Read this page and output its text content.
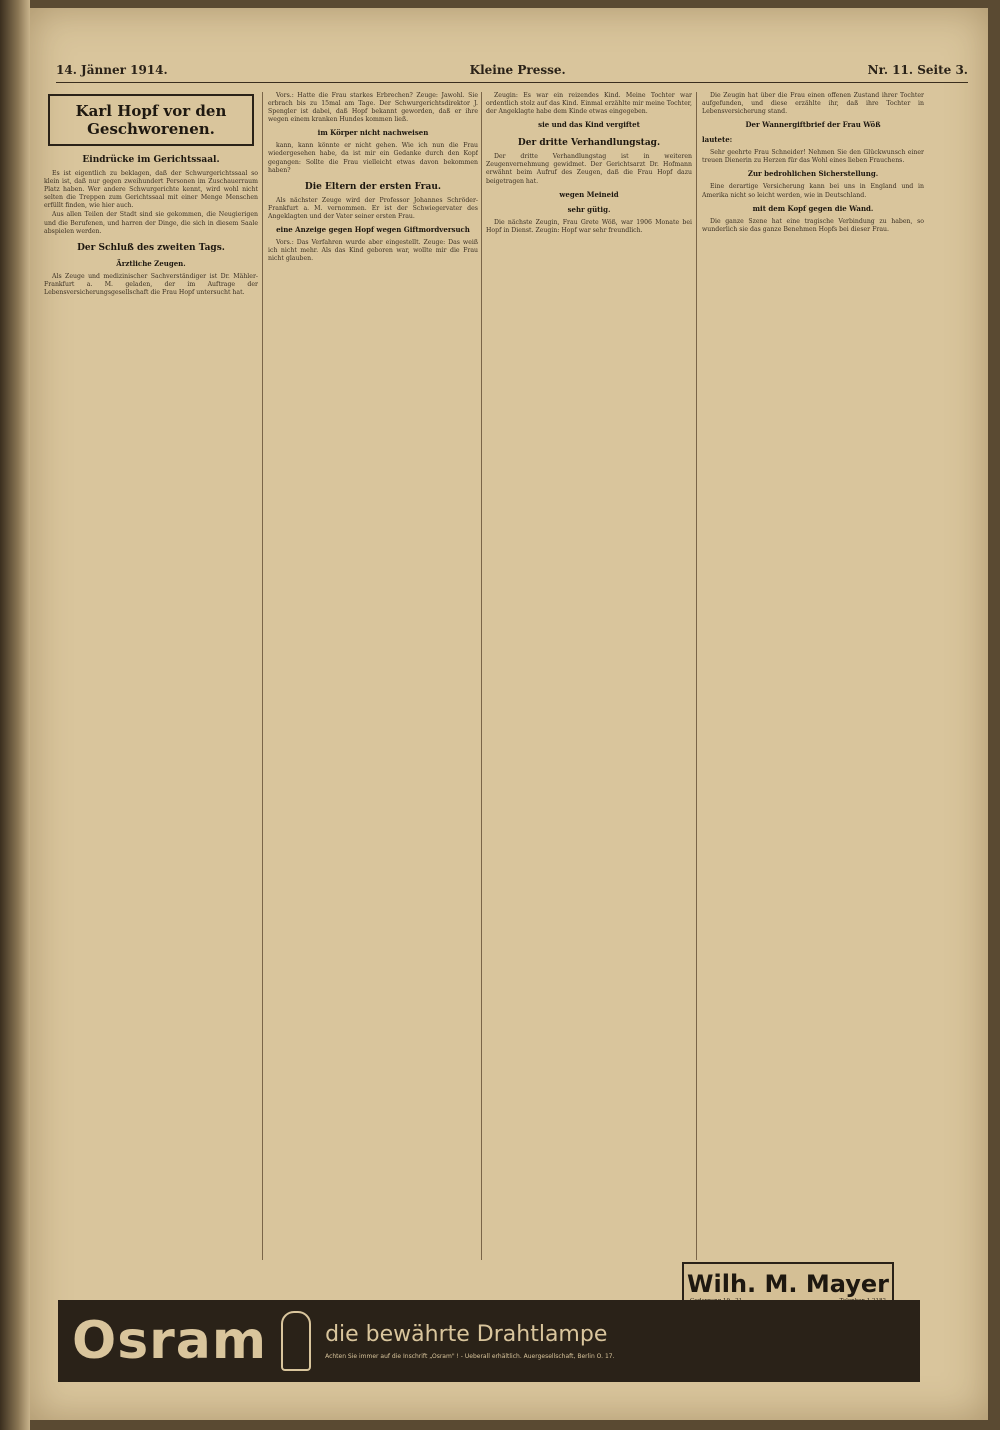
14. Jänner 1914.	Kleine Presse.	Nr. 11. Seite 3.
Karl Hopf vor den Geschworenen.
Eindrücke im Gerichtssaal.

Es ist eigentlich zu beklagen, daß der Schwurgerichtssaal so klein ist, daß nur gegen zweihundert Personen im Zuschauerraum Platz haben. Wer andere Schwurgerichte kennt, wird wohl nicht selten die Treppen zum Gerichtssaal mit einer Menge Menschen erfüllt finden, wie hier auch.

Aus allen Teilen der Stadt sind sie gekommen, die Neugierigen und die Berufenen, und harren der Dinge, die sich in diesem Saale abspielen werden.

Der Schluß des zweiten Tags.
Ärztliche Zeugen.

Als Zeuge und medizinischer Sachverständiger ist Dr. Mähler-Frankfurt a. M. geladen, der im Auftrage der Lebensversicherungsgesellschaft die Frau Hopf untersucht hat.

Vors.: Hatte die Frau starkes Erbrechen? Zeuge: Jawohl. Sie erbrach bis zu 15mal am Tage. Der Schwurgerichtsdirektor J. Spengler ist dabei, daß Hopf bekannt geworden, daß er ihre wegen einem kranken Hundes kommen ließ.

im Körper nicht nachweisen

kann, kann könnte er nicht gehen. Wie ich nun die Frau wiedergesehen habe, da ist mir ein Gedanke durch den Kopf gegangen: Sollte die Frau vielleicht etwas davon bekommen haben?

Die Eltern der ersten Frau.

Als nächster Zeuge wird der Professor Johannes Schröder-Frankfurt a. M. vernommen. Er ist der Schwiegervater des Angeklagten und der Vater seiner ersten Frau.

eine Anzeige gegen Hopf wegen Giftmordversuch

Vors.: Das Verfahren wurde aber eingestellt. Zeuge: Das weiß ich nicht mehr. Als das Kind geboren war, wollte mir die Frau nicht glauben.

Zeugin: Es war ein reizendes Kind. Meine Tochter war ordentlich stolz auf das Kind. Einmal erzählte mir meine Tochter, der Angeklagte habe dem Kinde etwas eingegeben.

sie und das Kind vergiftet
Der dritte Verhandlungstag.

Der dritte Verhandlungstag ist in weiteren Zeugenvernehmung gewidmet. Der Gerichtsarzt Dr. Hofmann erwähnt beim Aufruf des Zeugen, daß die Frau Hopf dazu beigetragen hat.

wegen Meineid
sehr gütig.

Die nächste Zeugin, Frau Grete Wöß, war 1906 Monate bei Hopf in Dienst. Zeugin: Hopf war sehr freundlich.

Die Zeugin hat über die Frau einen offenen Zustand ihrer Tochter aufgefunden, und diese erzählte ihr, daß ihre Tochter in Lebensversicherung stand.

Der Wannergiftbrief der Frau Wöß
lautete:

Sehr geehrte Frau Schneider! Nehmen Sie den Glückwunsch einer treuen Dienerin zu Herzen für das Wohl eines lieben Frauchens.

Zur bedrohlichen Sicherstellung.

Eine derartige Versicherung kann bei uns in England und in Amerika nicht so leicht werden, wie in Deutschland.

mit dem Kopf gegen die Wand.

Die ganze Szene hat eine tragische Verbindung zu haben, so wunderlich sie das ganze Benehmen Hopfs bei dieser Frau.

Wilh. M. Mayer
Osram	die bewährte Drahtlampe
Achten Sie immer auf die Inschrift „Osram" ! - Ueberall erhältlich. Auergesellschaft, Berlin O. 17.
